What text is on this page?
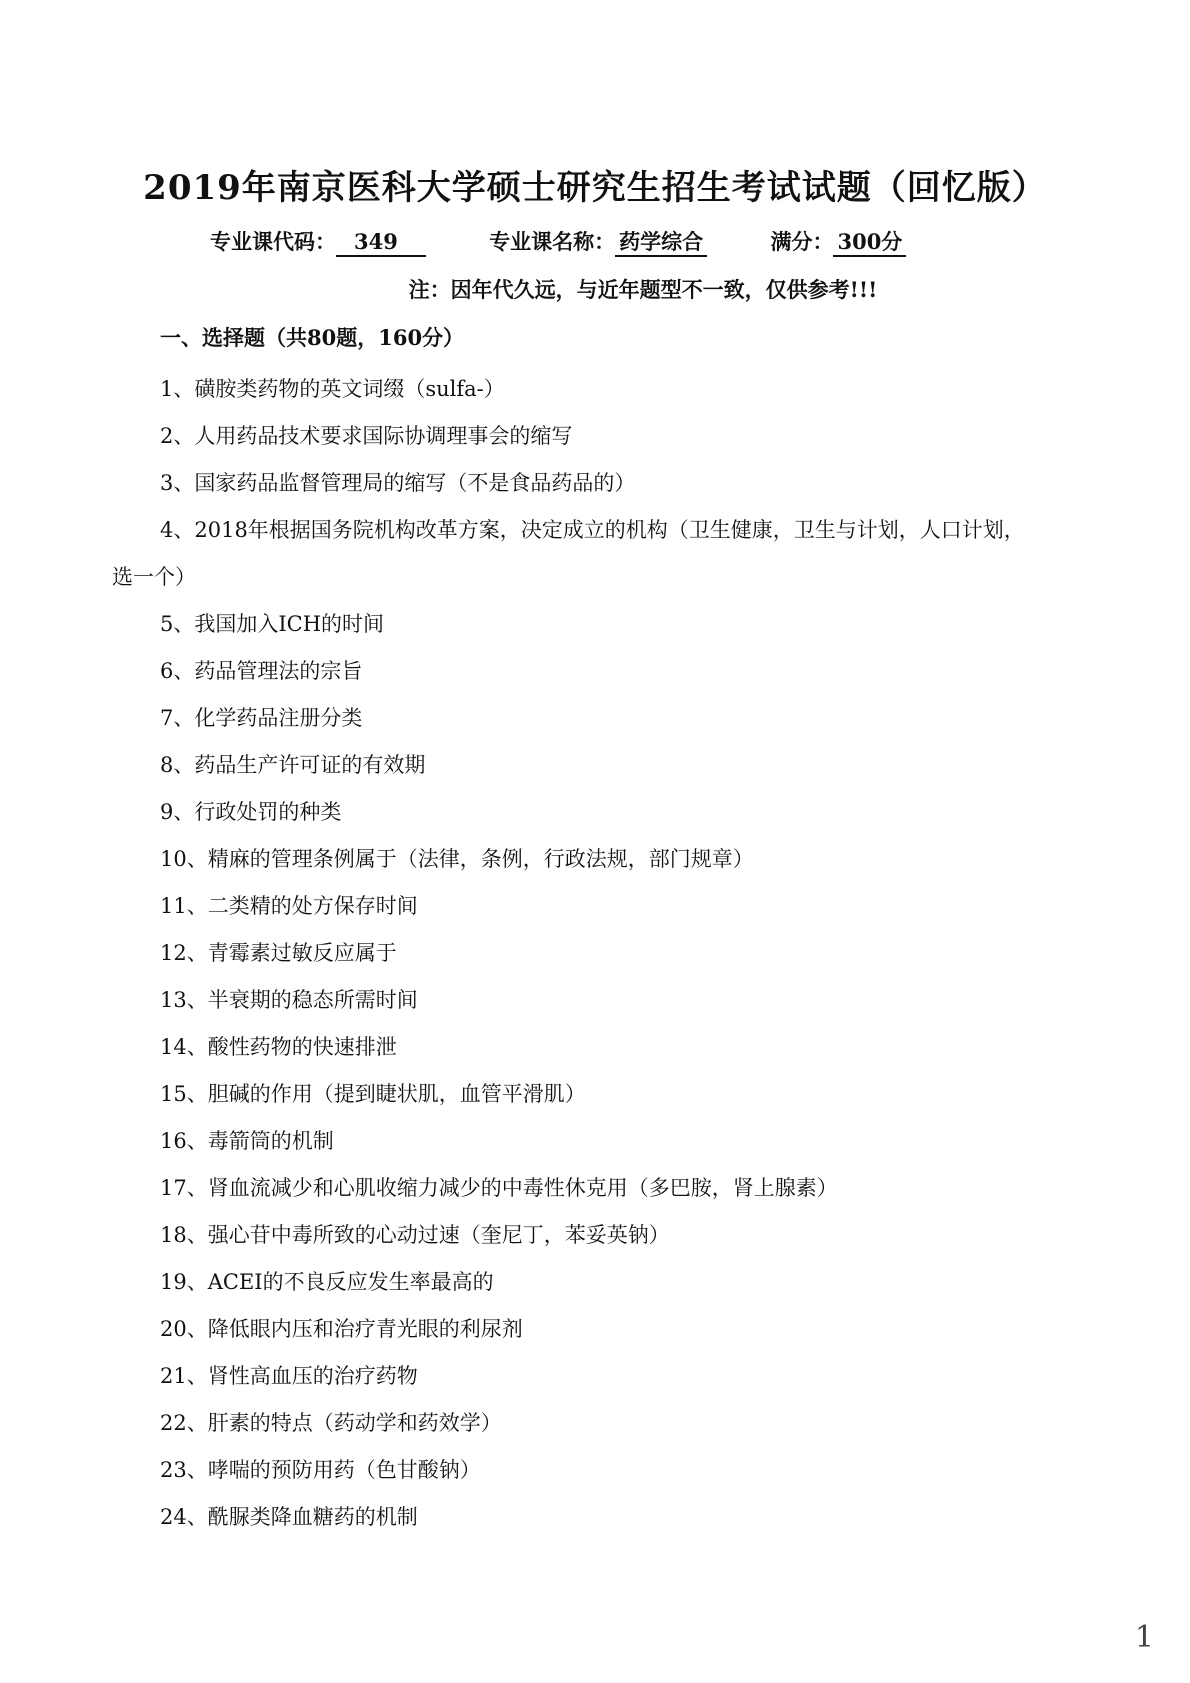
2019年南京医科大学硕士研究生招生考试试题（回忆版）
专业课代码： 349	专业课名称： 药学综合	满分： 300分
注：因年代久远，与近年题型不一致，仅供参考!!!
一、选择题（共80题，160分）
1、磺胺类药物的英文词缀（sulfa-）
2、人用药品技术要求国际协调理事会的缩写
3、国家药品监督管理局的缩写（不是食品药品的）
4、2018年根据国务院机构改革方案，决定成立的机构（卫生健康，卫生与计划，人口计划，选一个）
5、我国加入ICH的时间
6、药品管理法的宗旨
7、化学药品注册分类
8、药品生产许可证的有效期
9、行政处罚的种类
10、精麻的管理条例属于（法律，条例，行政法规，部门规章）
11、二类精的处方保存时间
12、青霉素过敏反应属于
13、半衰期的稳态所需时间
14、酸性药物的快速排泄
15、胆碱的作用（提到睫状肌，血管平滑肌）
16、毒箭筒的机制
17、肾血流减少和心肌收缩力减少的中毒性休克用（多巴胺，肾上腺素）
18、强心苷中毒所致的心动过速（奎尼丁，苯妥英钠）
19、ACEI的不良反应发生率最高的
20、降低眼内压和治疗青光眼的利尿剂
21、肾性高血压的治疗药物
22、肝素的特点（药动学和药效学）
23、哮喘的预防用药（色甘酸钠）
24、酰脲类降血糖药的机制
1
